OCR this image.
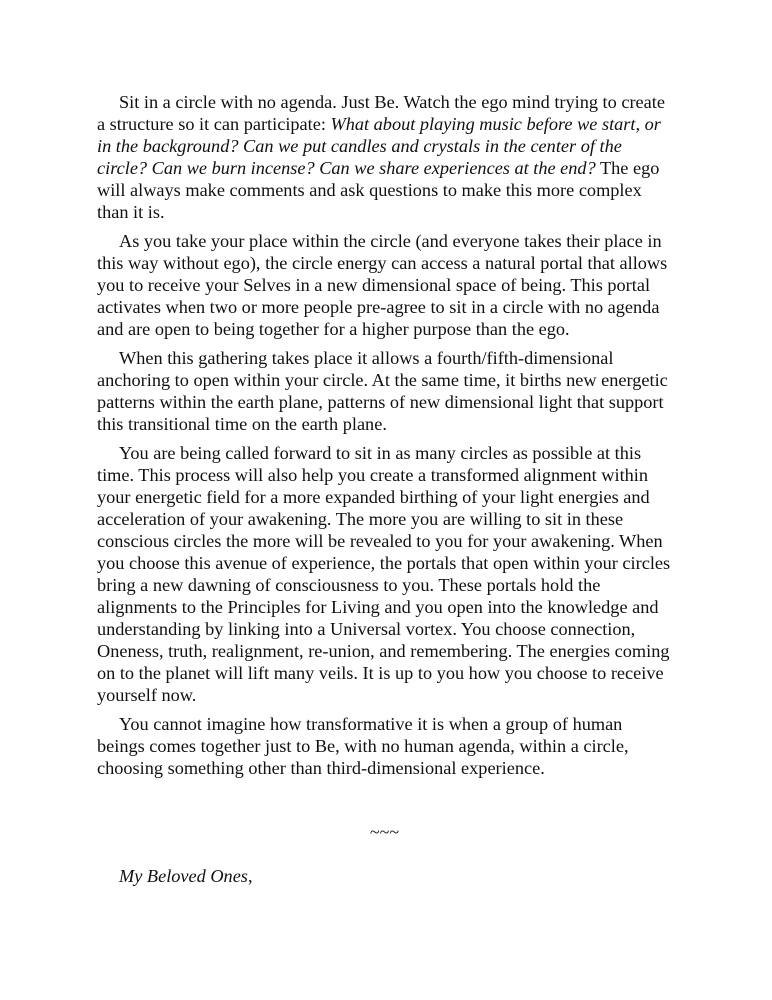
Sit in a circle with no agenda. Just Be. Watch the ego mind trying to create a structure so it can participate: What about playing music before we start, or in the background? Can we put candles and crystals in the center of the circle? Can we burn incense? Can we share experiences at the end? The ego will always make comments and ask questions to make this more complex than it is.

As you take your place within the circle (and everyone takes their place in this way without ego), the circle energy can access a natural portal that allows you to receive your Selves in a new dimensional space of being. This portal activates when two or more people pre-agree to sit in a circle with no agenda and are open to being together for a higher purpose than the ego.

When this gathering takes place it allows a fourth/fifth-dimensional anchoring to open within your circle. At the same time, it births new energetic patterns within the earth plane, patterns of new dimensional light that support this transitional time on the earth plane.

You are being called forward to sit in as many circles as possible at this time. This process will also help you create a transformed alignment within your energetic field for a more expanded birthing of your light energies and acceleration of your awakening. The more you are willing to sit in these conscious circles the more will be revealed to you for your awakening. When you choose this avenue of experience, the portals that open within your circles bring a new dawning of consciousness to you. These portals hold the alignments to the Principles for Living and you open into the knowledge and understanding by linking into a Universal vortex. You choose connection, Oneness, truth, realignment, re-union, and remembering. The energies coming on to the planet will lift many veils. It is up to you how you choose to receive yourself now.

You cannot imagine how transformative it is when a group of human beings comes together just to Be, with no human agenda, within a circle, choosing something other than third-dimensional experience.

~~~
My Beloved Ones,
